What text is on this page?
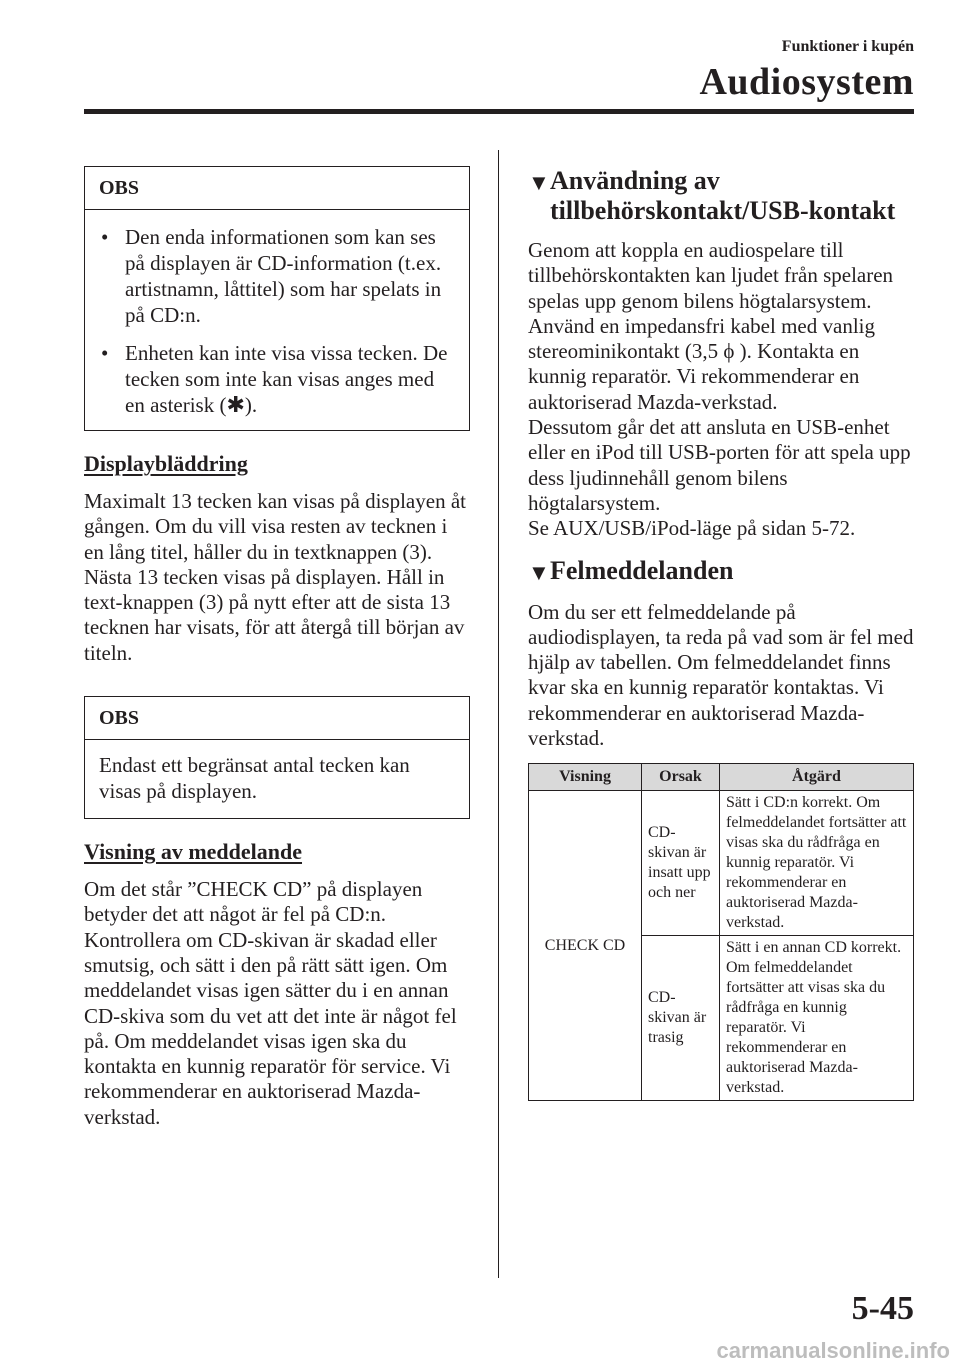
Funktioner i kupén
Audiosystem
OBS
• Den enda informationen som kan ses på displayen är CD-information (t.ex. artistnamn, låttitel) som har spelats in på CD:n.
• Enheten kan inte visa vissa tecken. De tecken som inte kan visas anges med en asterisk (✱).
Displaybläddring

Maximalt 13 tecken kan visas på displayen åt gången. Om du vill visa resten av tecknen i en lång titel, håller du in textknappen (3). Nästa 13 tecken visas på displayen. Håll in text-knappen (3) på nytt efter att de sista 13 tecknen har visats, för att återgå till början av titeln.

OBS
Endast ett begränsat antal tecken kan visas på displayen.
Visning av meddelande

Om det står ”CHECK CD” på displayen betyder det att något är fel på CD:n. Kontrollera om CD-skivan är skadad eller smutsig, och sätt i den på rätt sätt igen. Om meddelandet visas igen sätter du i en annan CD-skiva som du vet att det inte är något fel på. Om meddelandet visas igen ska du kontakta en kunnig reparatör för service. Vi rekommenderar en auktoriserad Mazda-verkstad.

▼ Användning av
tillbehörskontakt/USB-kontakt

Genom att koppla en audiospelare till tillbehörskontakten kan ljudet från spelaren spelas upp genom bilens högtalarsystem.

Använd en impedansfri kabel med vanlig stereominikontakt (3,5 ϕ ). Kontakta en kunnig reparatör. Vi rekommenderar en auktoriserad Mazda-verkstad.

Dessutom går det att ansluta en USB-enhet eller en iPod till USB-porten för att spela upp dess ljudinnehåll genom bilens högtalarsystem.

Se AUX/USB/iPod-läge på sidan 5-72.

▼ Felmeddelanden

Om du ser ett felmeddelande på audiodisplayen, ta reda på vad som är fel med hjälp av tabellen. Om felmeddelandet finns kvar ska en kunnig reparatör kontaktas. Vi rekommenderar en auktoriserad Mazda-verkstad.

Visning	Orsak	Åtgärd
CHECK CD	CD-skivan är insatt upp och ner	Sätt i CD:n korrekt. Om felmeddelandet fortsätter att visas ska du rådfråga en kunnig reparatör. Vi rekommenderar en auktoriserad Mazda-verkstad.
	CD-skivan är trasig	Sätt i en annan CD korrekt. Om felmeddelandet fortsätter att visas ska du rådfråga en kunnig reparatör. Vi rekommenderar en auktoriserad Mazda-verkstad.
5-45
carmanualsonline.info
